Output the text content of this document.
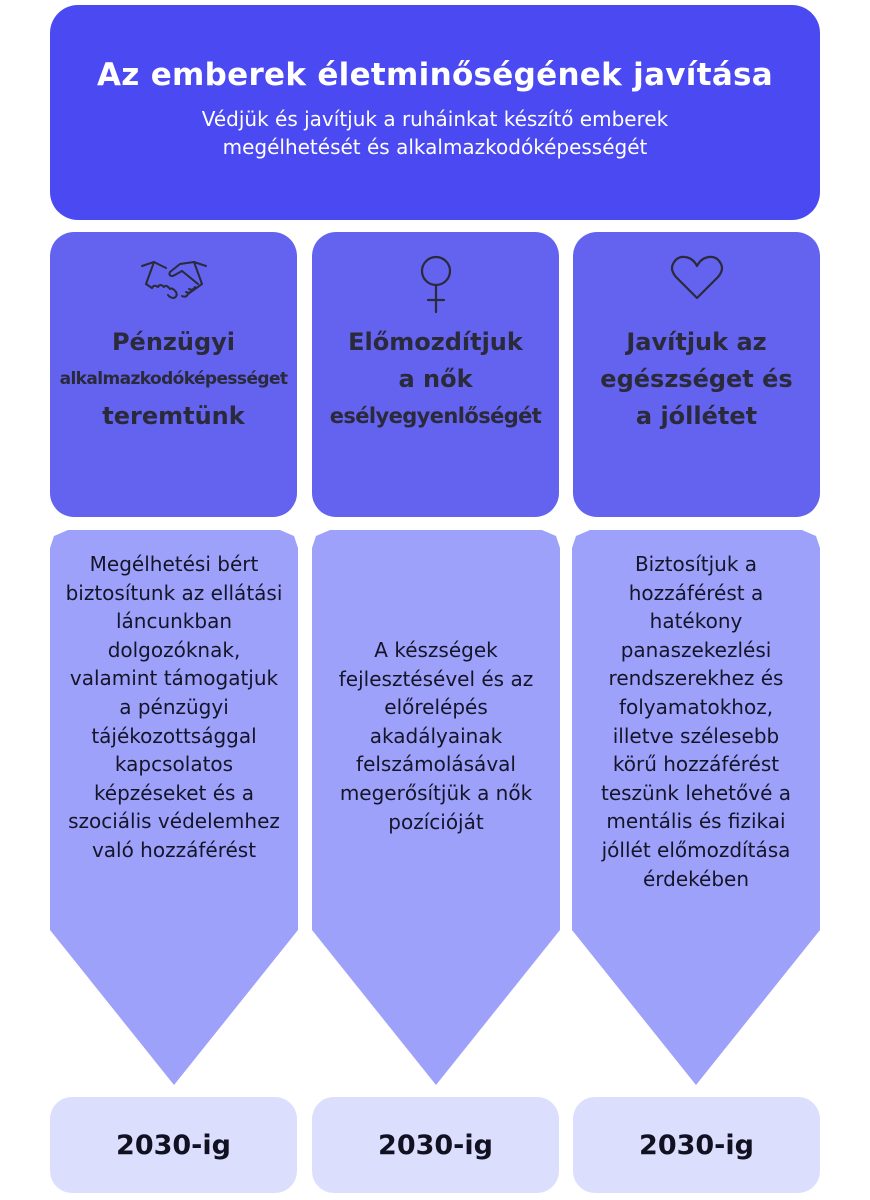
Az emberek életminőségének javítása
Védjük és javítjuk a ruháinkat készítő emberek megélhetését és alkalmazkodóképességét
Pénzügyi
alkalmazkodóképességet
teremtünk
Előmozdítjuk
a nők
esélyegyenlőségét
Javítjuk az
egészséget és
a jóllétet
Megélhetési bért biztosítunk az ellátási láncunkban dolgozóknak, valamint támogatjuk a pénzügyi tájékozottsággal kapcsolatos képzéseket és a szociális védelemhez való hozzáférést
A készségek fejlesztésével és az előrelépés akadályainak felszámolásával megerősítjük a nők pozícióját
Biztosítjuk a hozzáférést a hatékony panaszekezlési rendszerekhez és folyamatokhoz, illetve szélesebb körű hozzáférést teszünk lehetővé a mentális és fizikai jóllét előmozdítása érdekében
2030-ig	2030-ig	2030-ig
